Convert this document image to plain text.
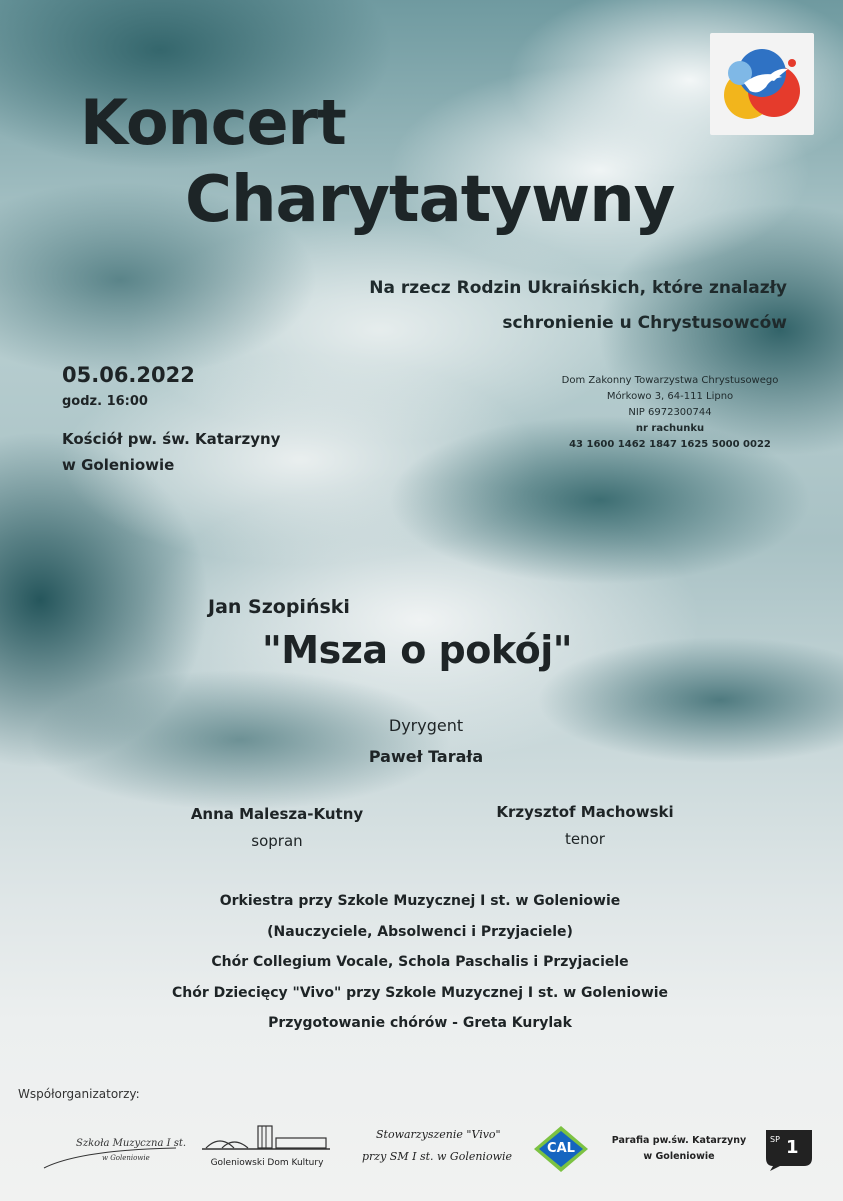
Koncert
Charytatywny
Na rzecz Rodzin Ukraińskich, które znalazły
schronienie u Chrystusowców
05.06.2022
godz. 16:00
Kościół pw. św. Katarzyny
w Goleniowie
Dom Zakonny Towarzystwa Chrystusowego
Mórkowo 3, 64-111 Lipno
NIP 6972300744
nr rachunku
43 1600 1462 1847 1625 5000 0022
Jan Szopiński
"Msza o pokój"
Dyrygent
Paweł Tarała
Anna Malesza-Kutny
sopran
Krzysztof Machowski
tenor
Orkiestra przy Szkole Muzycznej I st. w Goleniowie
(Nauczyciele, Absolwenci i Przyjaciele)
Chór Collegium Vocale, Schola Paschalis i Przyjaciele
Chór Dziecięcy "Vivo" przy Szkole Muzycznej I st. w Goleniowie
Przygotowanie chórów - Greta Kurylak
Współorganizatorzy:
Szkoła Muzyczna I st.
w Goleniowie	Goleniowski Dom Kultury
Stowarzyszenie "Vivo"
przy SM I st. w Goleniowie
CAL
Parafia pw.św. Katarzyny
w Goleniowie
SP 1
